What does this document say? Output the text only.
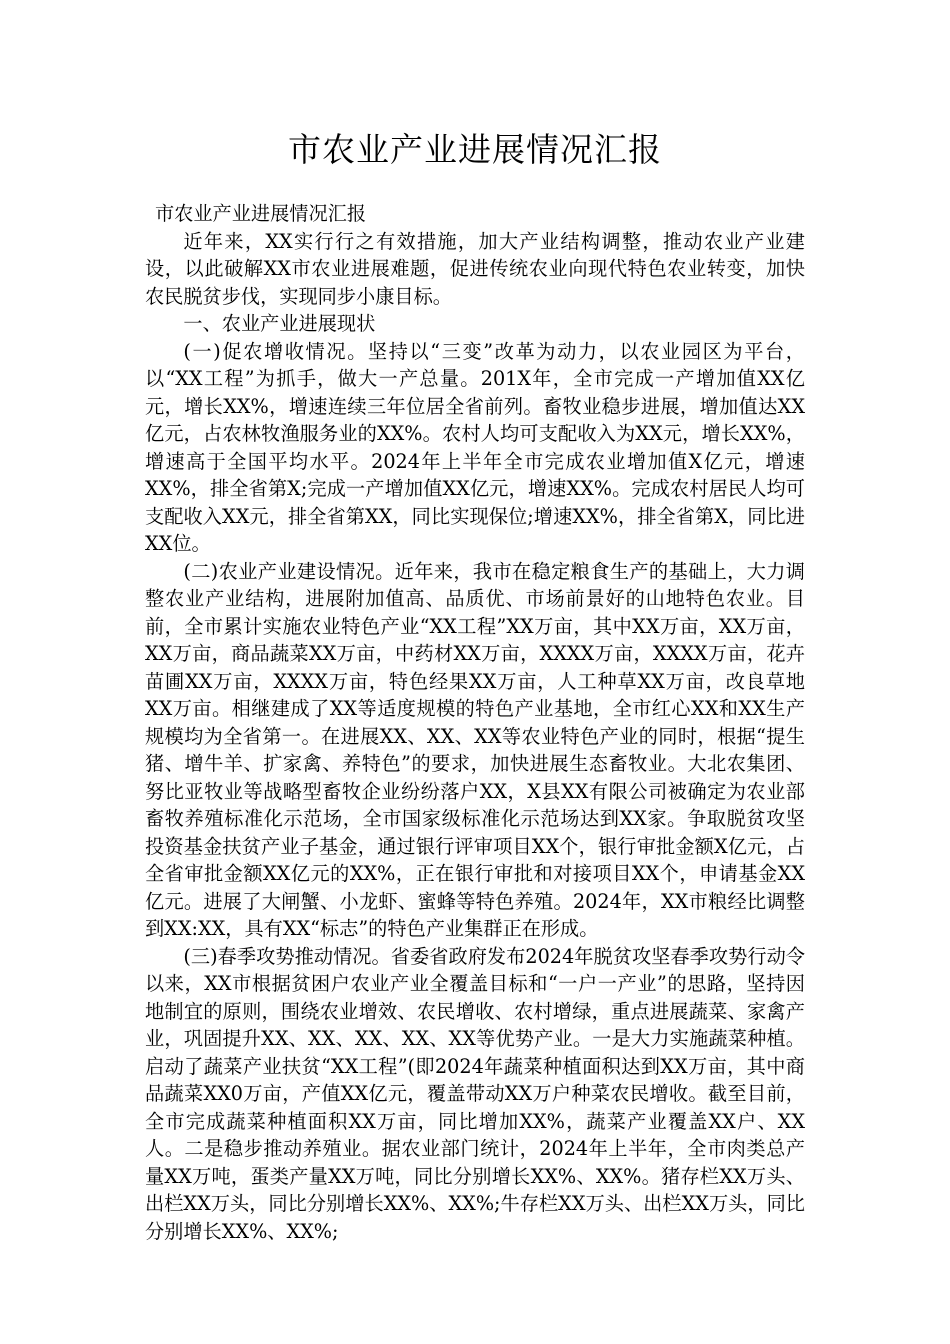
市农业产业进展情况汇报

市农业产业进展情况汇报

近年来，XX实行行之有效措施，加大产业结构调整，推动农业产业建设，以此破解XX市农业进展难题，促进传统农业向现代特色农业转变，加快农民脱贫步伐，实现同步小康目标。

一、农业产业进展现状

(一)促农增收情况。坚持以“三变”改革为动力，以农业园区为平台，以“XX工程”为抓手，做大一产总量。201X年，全市完成一产增加值XX亿元，增长XX%，增速连续三年位居全省前列。畜牧业稳步进展，增加值达XX亿元，占农林牧渔服务业的XX%。农村人均可支配收入为XX元，增长XX%，增速高于全国平均水平。2024年上半年全市完成农业增加值X亿元，增速XX%，排全省第X;完成一产增加值XX亿元，增速XX%。完成农村居民人均可支配收入XX元，排全省第XX，同比实现保位;增速XX%，排全省第X，同比进XX位。

(二)农业产业建设情况。近年来，我市在稳定粮食生产的基础上，大力调整农业产业结构，进展附加值高、品质优、市场前景好的山地特色农业。目前，全市累计实施农业特色产业“XX工程”XX万亩，其中XX万亩，XX万亩，XX万亩，商品蔬菜XX万亩，中药材XX万亩，XXXX万亩，XXXX万亩，花卉苗圃XX万亩，XXXX万亩，特色经果XX万亩，人工种草XX万亩，改良草地XX万亩。相继建成了XX等适度规模的特色产业基地，全市红心XX和XX生产规模均为全省第一。在进展XX、XX、XX等农业特色产业的同时，根据“提生猪、增牛羊、扩家禽、养特色”的要求，加快进展生态畜牧业。大北农集团、努比亚牧业等战略型畜牧企业纷纷落户XX，X县XX有限公司被确定为农业部畜牧养殖标准化示范场，全市国家级标准化示范场达到XX家。争取脱贫攻坚投资基金扶贫产业子基金，通过银行评审项目XX个，银行审批金额X亿元，占全省审批金额XX亿元的XX%，正在银行审批和对接项目XX个，申请基金XX亿元。进展了大闸蟹、小龙虾、蜜蜂等特色养殖。2024年，XX市粮经比调整到XX:XX，具有XX“标志”的特色产业集群正在形成。

(三)春季攻势推动情况。省委省政府发布2024年脱贫攻坚春季攻势行动令以来，XX市根据贫困户农业产业全覆盖目标和“一户一产业”的思路，坚持因地制宜的原则，围绕农业增效、农民增收、农村增绿，重点进展蔬菜、家禽产业，巩固提升XX、XX、XX、XX、XX等优势产业。一是大力实施蔬菜种植。启动了蔬菜产业扶贫“XX工程”(即2024年蔬菜种植面积达到XX万亩，其中商品蔬菜XX0万亩，产值XX亿元，覆盖带动XX万户种菜农民增收。截至目前，全市完成蔬菜种植面积XX万亩，同比增加XX%，蔬菜产业覆盖XX户、XX人。二是稳步推动养殖业。据农业部门统计，2024年上半年，全市肉类总产量XX万吨，蛋类产量XX万吨，同比分别增长XX%、XX%。猪存栏XX万头、出栏XX万头，同比分别增长XX%、XX%;牛存栏XX万头、出栏XX万头，同比分别增长XX%、XX%;
